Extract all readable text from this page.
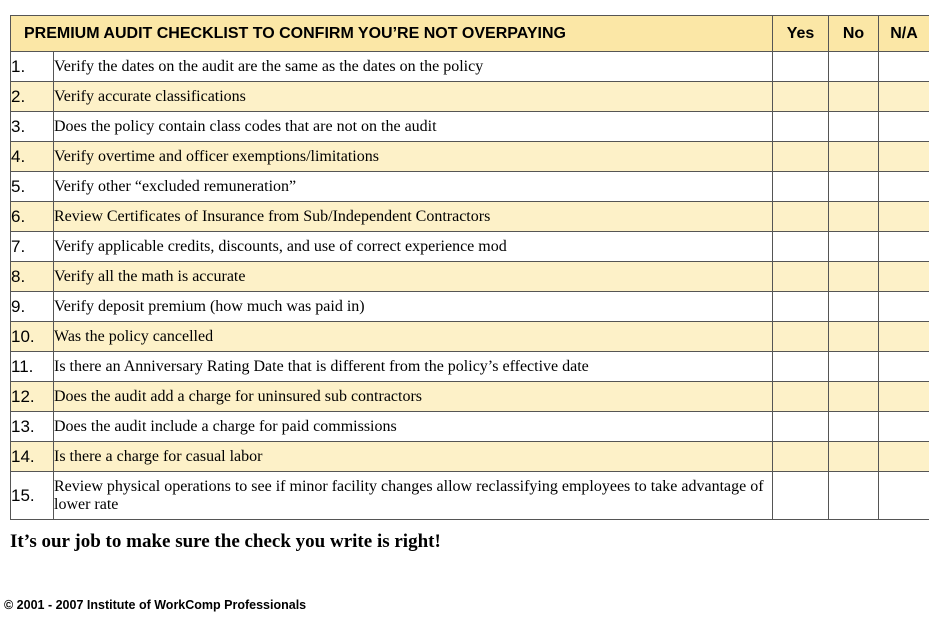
PREMIUM AUDIT CHECKLIST TO CONFIRM YOU’RE NOT OVERPAYING		Yes	No	N/A
1.	Verify the dates on the audit are the same as the dates on the policy			
2.	Verify accurate classifications			
3.	Does the policy contain class codes that are not on the audit			
4.	Verify overtime and officer exemptions/limitations			
5.	Verify other “excluded remuneration”			
6.	Review Certificates of Insurance from Sub/Independent Contractors			
7.	Verify applicable credits, discounts, and use of correct experience mod			
8.	Verify all the math is accurate			
9.	Verify deposit premium (how much was paid in)			
10.	Was the policy cancelled			
11.	Is there an Anniversary Rating Date that is different from the policy’s effective date			
12.	Does the audit add a charge for uninsured sub contractors			
13.	Does the audit include a charge for paid commissions			
14.	Is there a charge for casual labor			
15.	Review physical operations to see if minor facility changes allow reclassifying employees to take advantage of lower rate			
It’s our job to make sure the check you write is right!
© 2001 - 2007 Institute of WorkComp Professionals
